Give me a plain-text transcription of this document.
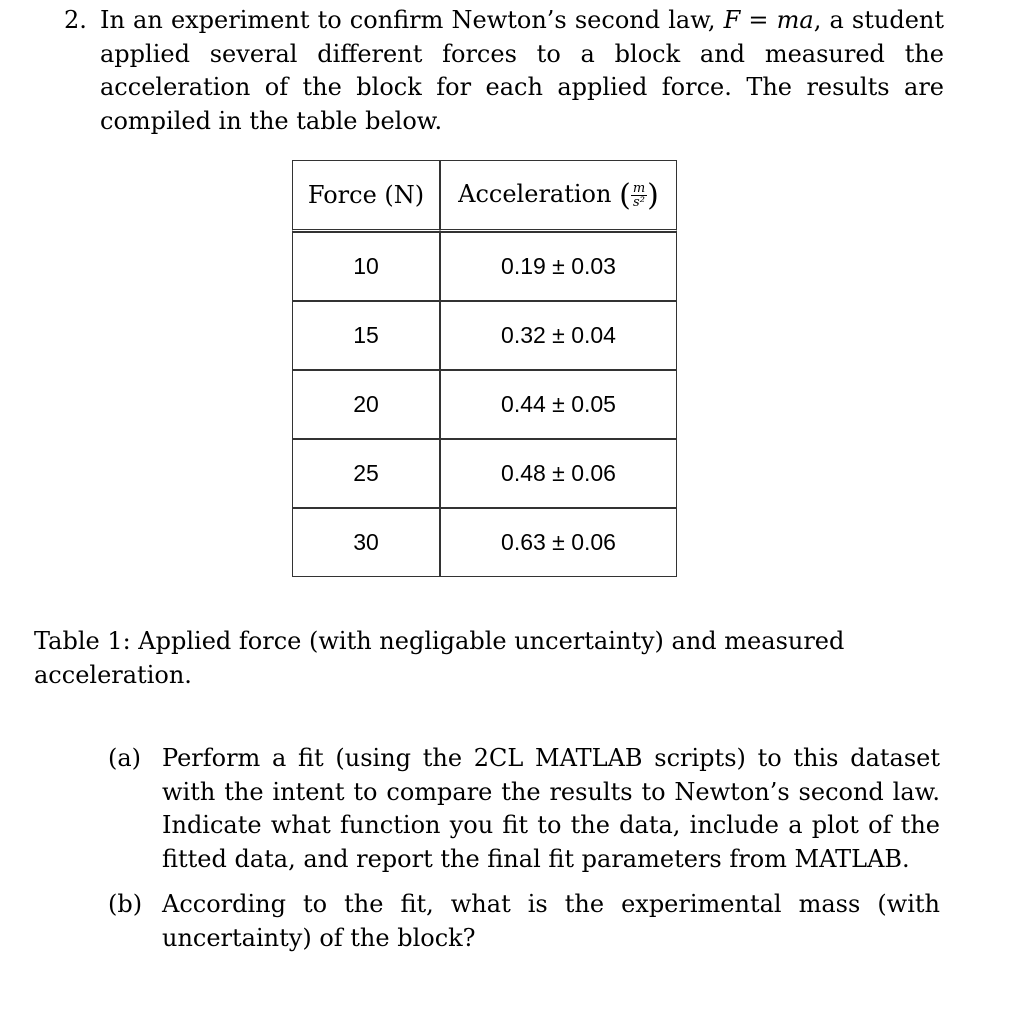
2. In an experiment to confirm Newton’s second law, F = ma, a student applied several different forces to a block and measured the acceleration of the block for each applied force. The results are compiled in the table below.
Force (N)	Acceleration ( $\frac{m}{\text{s²}}$ )
10	0.19 ± 0.03
15	0.32 ± 0.04
20	0.44 ± 0.05
25	0.48 ± 0.06
30	0.63 ± 0.06
Table 1: Applied force (with negligable uncertainty) and measured acceleration.
(a) Perform a fit (using the 2CL MATLAB scripts) to this dataset with the intent to compare the results to Newton’s second law. Indicate what function you fit to the data, include a plot of the fitted data, and report the final fit parameters from MATLAB.
(b) According to the fit, what is the experimental mass (with uncertainty) of the block?
